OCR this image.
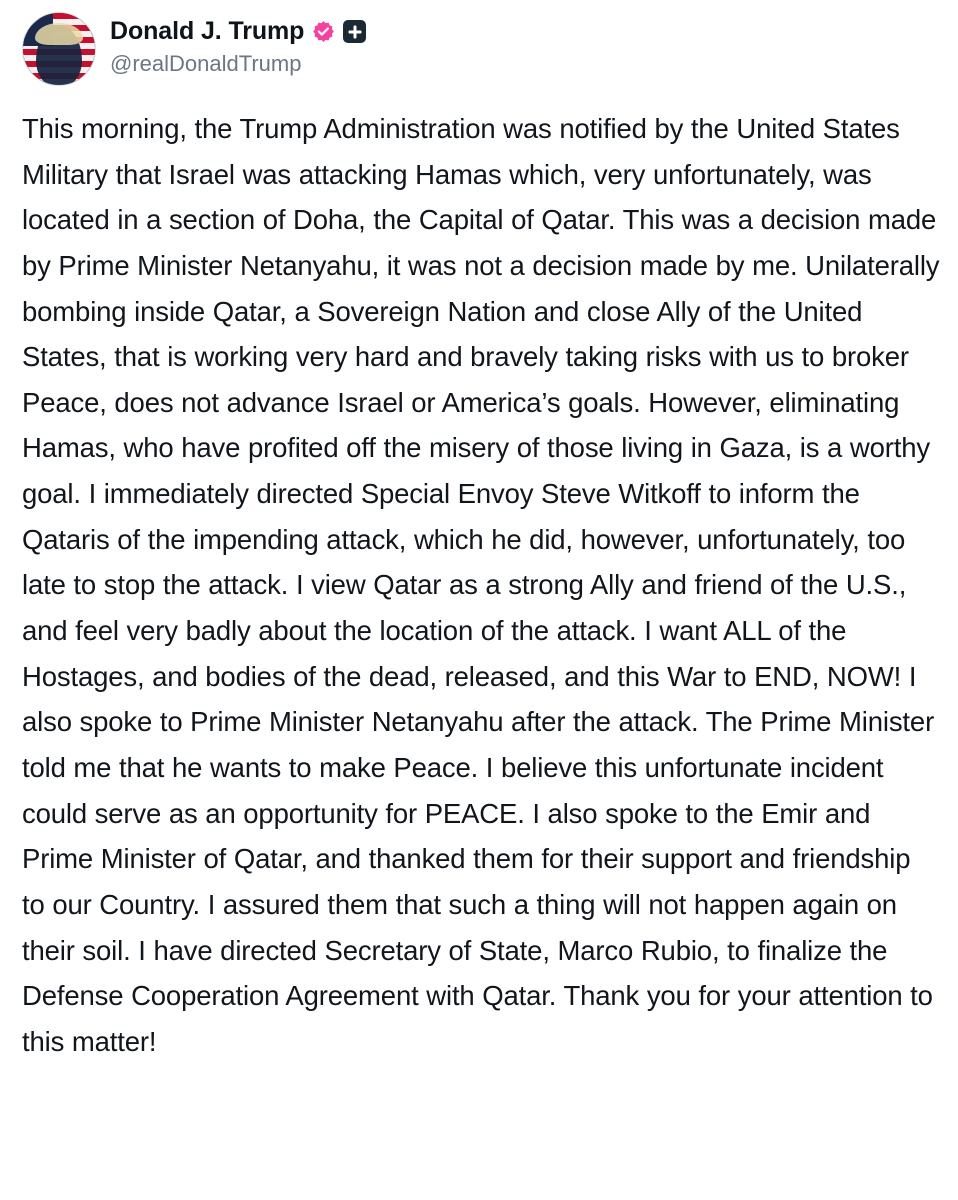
Donald J. Trump
@realDonaldTrump
This morning, the Trump Administration was notified by the United States Military that Israel was attacking Hamas which, very unfortunately, was located in a section of Doha, the Capital of Qatar. This was a decision made by Prime Minister Netanyahu, it was not a decision made by me. Unilaterally bombing inside Qatar, a Sovereign Nation and close Ally of the United States, that is working very hard and bravely taking risks with us to broker Peace, does not advance Israel or America’s goals. However, eliminating Hamas, who have profited off the misery of those living in Gaza, is a worthy goal. I immediately directed Special Envoy Steve Witkoff to inform the Qataris of the impending attack, which he did, however, unfortunately, too late to stop the attack. I view Qatar as a strong Ally and friend of the U.S., and feel very badly about the location of the attack. I want ALL of the Hostages, and bodies of the dead, released, and this War to END, NOW! I also spoke to Prime Minister Netanyahu after the attack. The Prime Minister told me that he wants to make Peace. I believe this unfortunate incident could serve as an opportunity for PEACE. I also spoke to the Emir and Prime Minister of Qatar, and thanked them for their support and friendship to our Country. I assured them that such a thing will not happen again on their soil. I have directed Secretary of State, Marco Rubio, to finalize the Defense Cooperation Agreement with Qatar. Thank you for your attention to this matter!
